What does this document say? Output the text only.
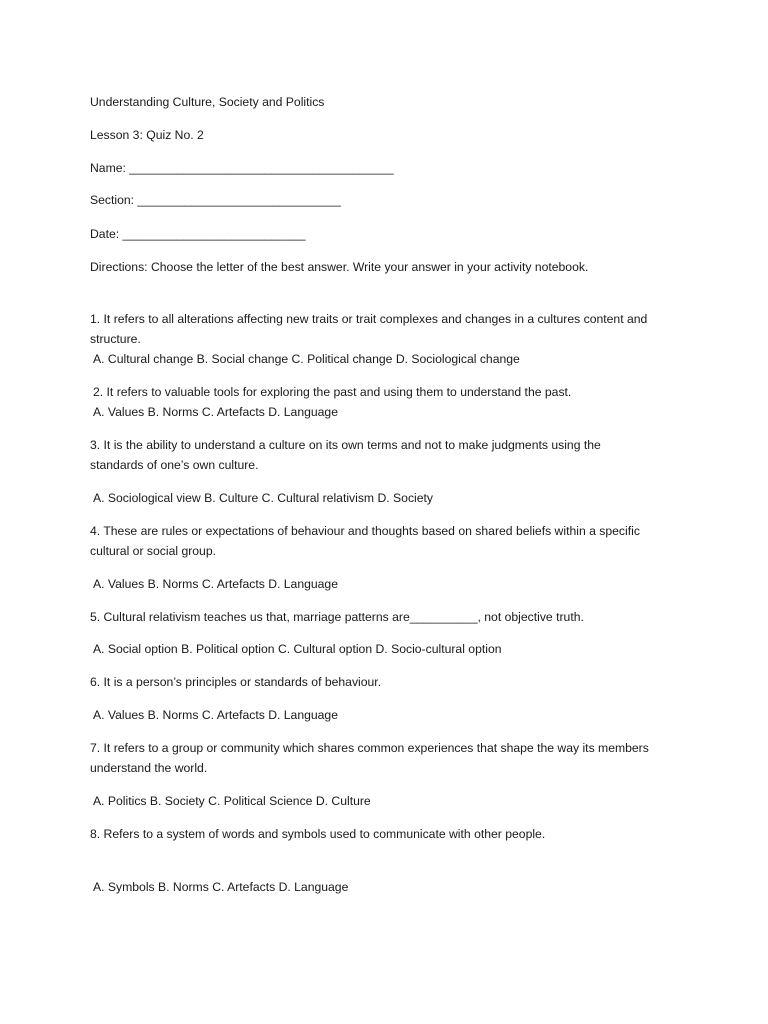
Understanding Culture, Society and Politics
Lesson 3: Quiz No. 2
Name: _______________________________________
Section: ______________________________
Date: ___________________________
Directions: Choose the letter of the best answer. Write your answer in your activity notebook.
1. It refers to all alterations affecting new traits or trait complexes and changes in a cultures content and structure.
A. Cultural change B. Social change C. Political change D. Sociological change
2. It refers to valuable tools for exploring the past and using them to understand the past.
A. Values B. Norms C. Artefacts D. Language
3. It is the ability to understand a culture on its own terms and not to make judgments using the standards of one’s own culture.
A. Sociological view B. Culture C. Cultural relativism D. Society
4. These are rules or expectations of behaviour and thoughts based on shared beliefs within a specific cultural or social group.
A. Values B. Norms C. Artefacts D. Language
5. Cultural relativism teaches us that, marriage patterns are__________, not objective truth.
A. Social option B. Political option C. Cultural option D. Socio-cultural option
6. It is a person’s principles or standards of behaviour.
A. Values B. Norms C. Artefacts D. Language
7. It refers to a group or community which shares common experiences that shape the way its members understand the world.
A. Politics B. Society C. Political Science D. Culture
8. Refers to a system of words and symbols used to communicate with other people.
A. Symbols B. Norms C. Artefacts D. Language
